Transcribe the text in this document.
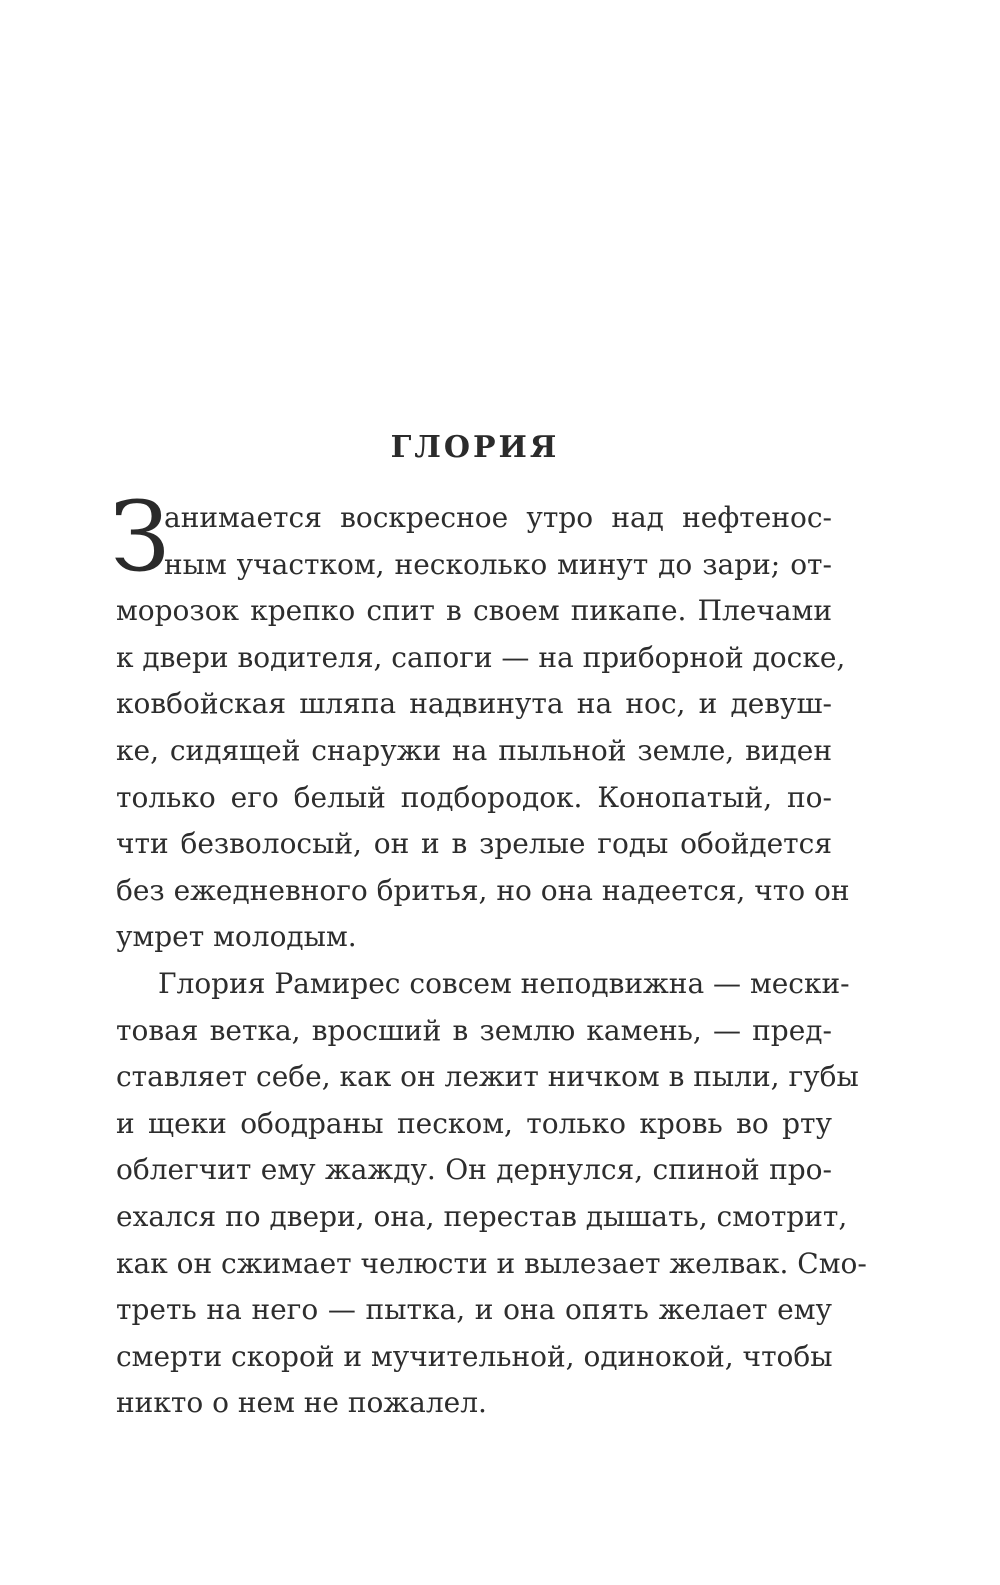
ГЛОРИЯ
З
анимается воскресное утро над нефтенос-
ным участком, несколько минут до зари; от-
морозок крепко спит в своем пикапе. Плечами
к двери водителя, сапоги — на приборной доске,
ковбойская шляпа надвинута на нос, и девуш-
ке, сидящей снаружи на пыльной земле, виден
только его белый подбородок. Конопатый, по-
чти безволосый, он и в зрелые годы обойдется
без ежедневного бритья, но она надеется, что он
умрет молодым.
Глория Рамирес совсем неподвижна — мески-
товая ветка, вросший в землю камень, — пред-
ставляет себе, как он лежит ничком в пыли, губы
и щеки ободраны песком, только кровь во рту
облегчит ему жажду. Он дернулся, спиной про-
ехался по двери, она, перестав дышать, смотрит,
как он сжимает челюсти и вылезает желвак. Смо-
треть на него — пытка, и она опять желает ему
смерти скорой и мучительной, одинокой, чтобы
никто о нем не пожалел.
